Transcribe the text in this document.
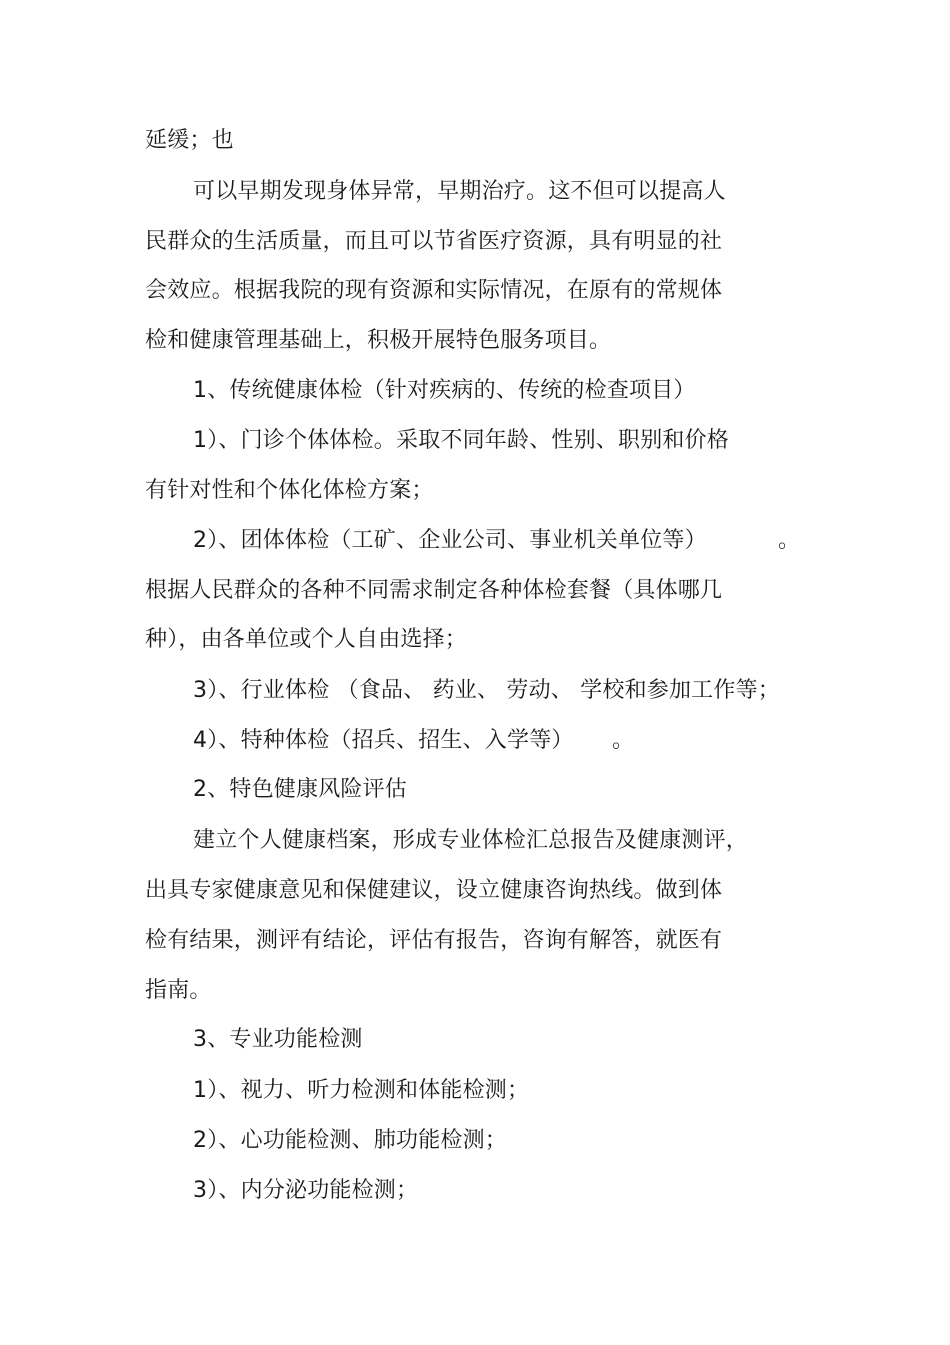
延缓；也
可以早期发现身体异常，早期治疗。这不但可以提高人
民群众的生活质量，而且可以节省医疗资源，具有明显的社
会效应。根据我院的现有资源和实际情况，在原有的常规体
检和健康管理基础上，积极开展特色服务项目。
1、传统健康体检（针对疾病的、传统的检查项目）
1）、门诊个体体检。采取不同年龄、性别、职别和价格
有针对性和个体化体检方案；
2）、团体体检（工矿、企业公司、事业机关单位等）	。
根据人民群众的各种不同需求制定各种体检套餐（具体哪几
种），由各单位或个人自由选择；
3）、行业体检 （食品、 药业、 劳动、 学校和参加工作等；
4）、特种体检（招兵、招生、入学等） 。
2、特色健康风险评估
建立个人健康档案，形成专业体检汇总报告及健康测评，
出具专家健康意见和保健建议，设立健康咨询热线。做到体
检有结果，测评有结论，评估有报告，咨询有解答，就医有
指南。
3、专业功能检测
1）、视力、听力检测和体能检测；
2）、心功能检测、肺功能检测；
3）、内分泌功能检测；
